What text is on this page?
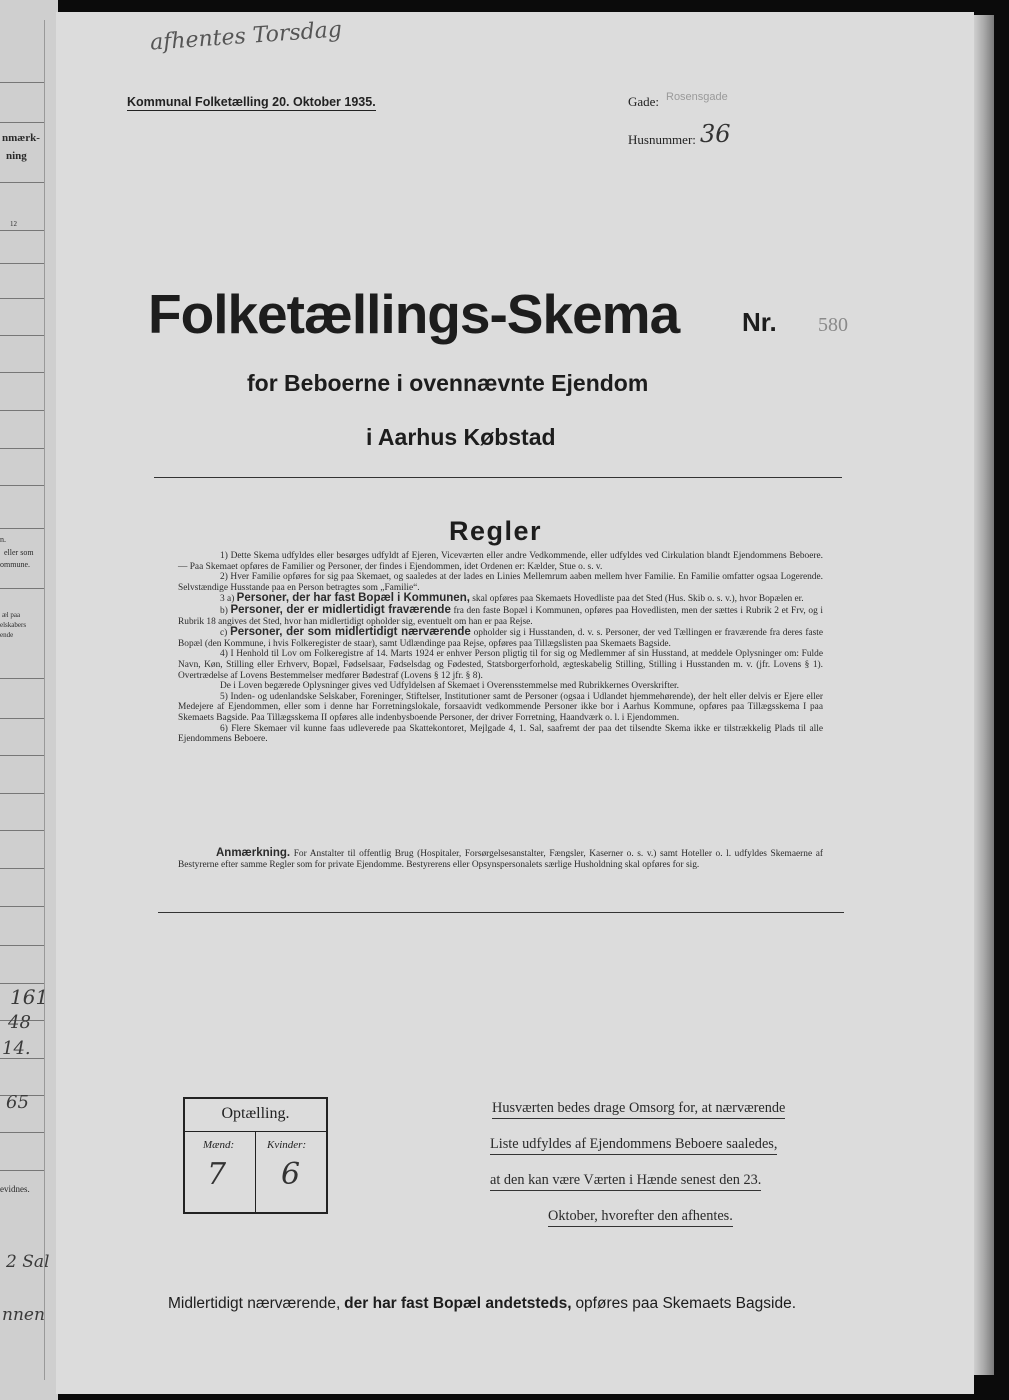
nmærk-
ning
12
n.
eller som
ommune.
æl paa
elskabers
ende
evidnes.
161
48
14.
65
2 Sal
nnen
afhentes Torsdag
Kommunal Folketælling 20. Oktober 1935.	Gade: Rosensgade
Husnummer: 36
Folketællings-Skema Nr. 580
for Beboerne i ovennævnte Ejendom
i Aarhus Købstad
Regler

1) Dette Skema udfyldes eller besørges udfyldt af Ejeren, Viceværten eller andre Vedkommende, eller udfyldes ved Cirkulation blandt Ejendommens Beboere. — Paa Skemaet opføres de Familier og Personer, der findes i Ejendommen, idet Ordenen er: Kælder, Stue o. s. v.

2) Hver Familie opføres for sig paa Skemaet, og saaledes at der lades en Linies Mellemrum aaben mellem hver Familie. En Familie omfatter ogsaa Logerende. Selvstændige Husstande paa en Person betragtes som „Familie“.

3 a) Personer, der har fast Bopæl i Kommunen, skal opføres paa Skemaets Hovedliste paa det Sted (Hus. Skib o. s. v.), hvor Bopælen er.

b) Personer, der er midlertidigt fraværende fra den faste Bopæl i Kommunen, opføres paa Hovedlisten, men der sættes i Rubrik 2 et Frv, og i Rubrik 18 angives det Sted, hvor han midlertidigt opholder sig, eventuelt om han er paa Rejse.

c) Personer, der som midlertidigt nærværende opholder sig i Husstanden, d. v. s. Personer, der ved Tællingen er fraværende fra deres faste Bopæl (den Kommune, i hvis Folkeregister de staar), samt Udlændinge paa Rejse, opføres paa Tillægslisten paa Skemaets Bagside.

4) I Henhold til Lov om Folkeregistre af 14. Marts 1924 er enhver Person pligtig til for sig og Medlemmer af sin Husstand, at meddele Oplysninger om: Fulde Navn, Køn, Stilling eller Erhverv, Bopæl, Fødselsaar, Fødselsdag og Fødested, Statsborgerforhold, ægteskabelig Stilling, Stilling i Husstanden m. v. (jfr. Lovens § 1). Overtrædelse af Lovens Bestemmelser medfører Bødestraf (Lovens § 12 jfr. § 8).

De i Loven begærede Oplysninger gives ved Udfyldelsen af Skemaet i Overensstemmelse med Rubrikkernes Overskrifter.

5) Inden- og udenlandske Selskaber, Foreninger, Stiftelser, Institutioner samt de Personer (ogsaa i Udlandet hjemmehørende), der helt eller delvis er Ejere eller Medejere af Ejendommen, eller som i denne har Forretningslokale, forsaavidt vedkommende Personer ikke bor i Aarhus Kommune, opføres paa Tillægsskema I paa Skemaets Bagside. Paa Tillægsskema II opføres alle indenbysboende Personer, der driver Forretning, Haandværk o. l. i Ejendommen.

6) Flere Skemaer vil kunne faas udleverede paa Skattekontoret, Mejlgade 4, 1. Sal, saafremt der paa det tilsendte Skema ikke er tilstrækkelig Plads til alle Ejendommens Beboere.

Anmærkning. For Anstalter til offentlig Brug (Hospitaler, Forsørgelsesanstalter, Fængsler, Kaserner o. s. v.) samt Hoteller o. l. udfyldes Skemaerne af Bestyrerne efter samme Regler som for private Ejendomme. Bestyrerens eller Opsynspersonalets særlige Husholdning skal opføres for sig.
Optælling.
Mænd:	Kvinder:
7 6
Husværten bedes drage Omsorg for, at nærværende
Liste udfyldes af Ejendommens Beboere saaledes,
at den kan være Værten i Hænde senest den 23.
Oktober, hvorefter den afhentes.
Midlertidigt nærværende, der har fast Bopæl andetsteds, opføres paa Skemaets Bagside.
